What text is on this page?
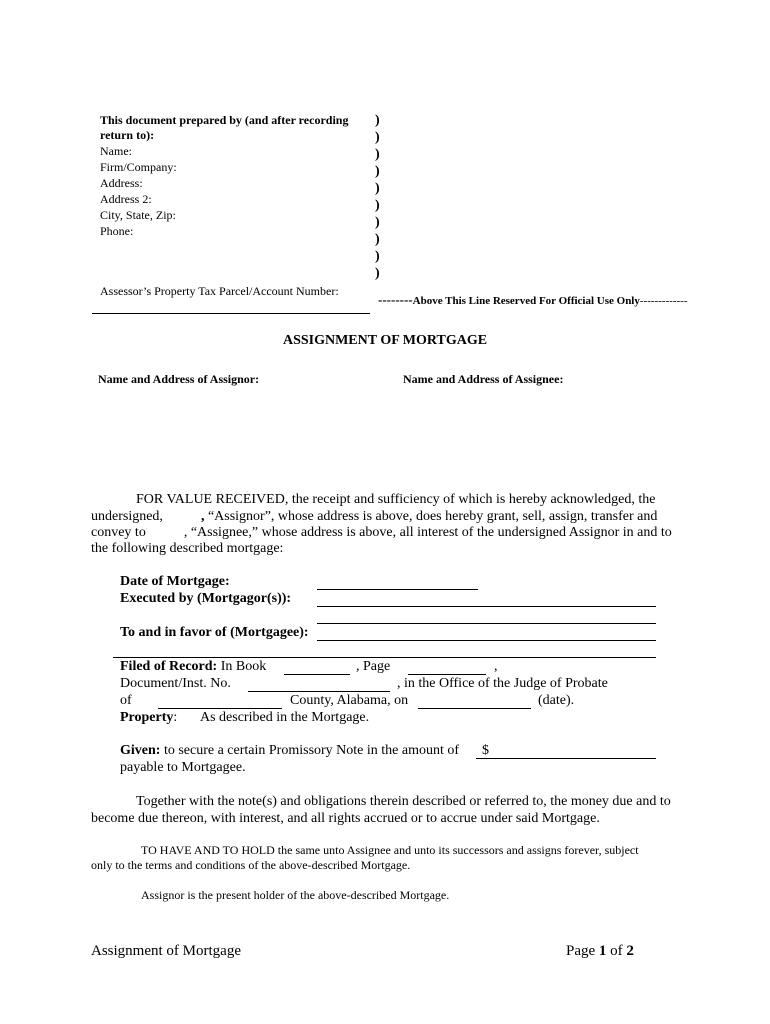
This document prepared by (and after recording
return to):
Name:
Firm/Company:
Address:
Address 2:
City, State, Zip:
Phone:
Assessor’s Property Tax Parcel/Account Number:
)
)
)
)
)
)
)
)
)
)
--------Above This Line Reserved For Official Use Only-------------
ASSIGNMENT OF MORTGAGE
Name and Address of Assignor:	Name and Address of Assignee:
FOR VALUE RECEIVED, the receipt and sufficiency of which is hereby acknowledged, the
undersigned,	, “Assignor”, whose address is above, does hereby grant, sell, assign, transfer and
convey to	, “Assignee,” whose address is above, all interest of the undersigned Assignor in and to
the following described mortgage:
Date of Mortgage:
Executed by (Mortgagor(s)):
To and in favor of (Mortgagee):
Filed of Record: In Book	, Page	,
Document/Inst. No.	, in the Office of the Judge of Probate
of	County, Alabama, on	(date).
Property: As described in the Mortgage.
Given: to secure a certain Promissory Note in the amount of $
payable to Mortgagee.
Together with the note(s) and obligations therein described or referred to, the money due and to
become due thereon, with interest, and all rights accrued or to accrue under said Mortgage.
TO HAVE AND TO HOLD the same unto Assignee and unto its successors and assigns forever, subject
only to the terms and conditions of the above-described Mortgage.
Assignor is the present holder of the above-described Mortgage.
Assignment of Mortgage	Page 1 of 2
